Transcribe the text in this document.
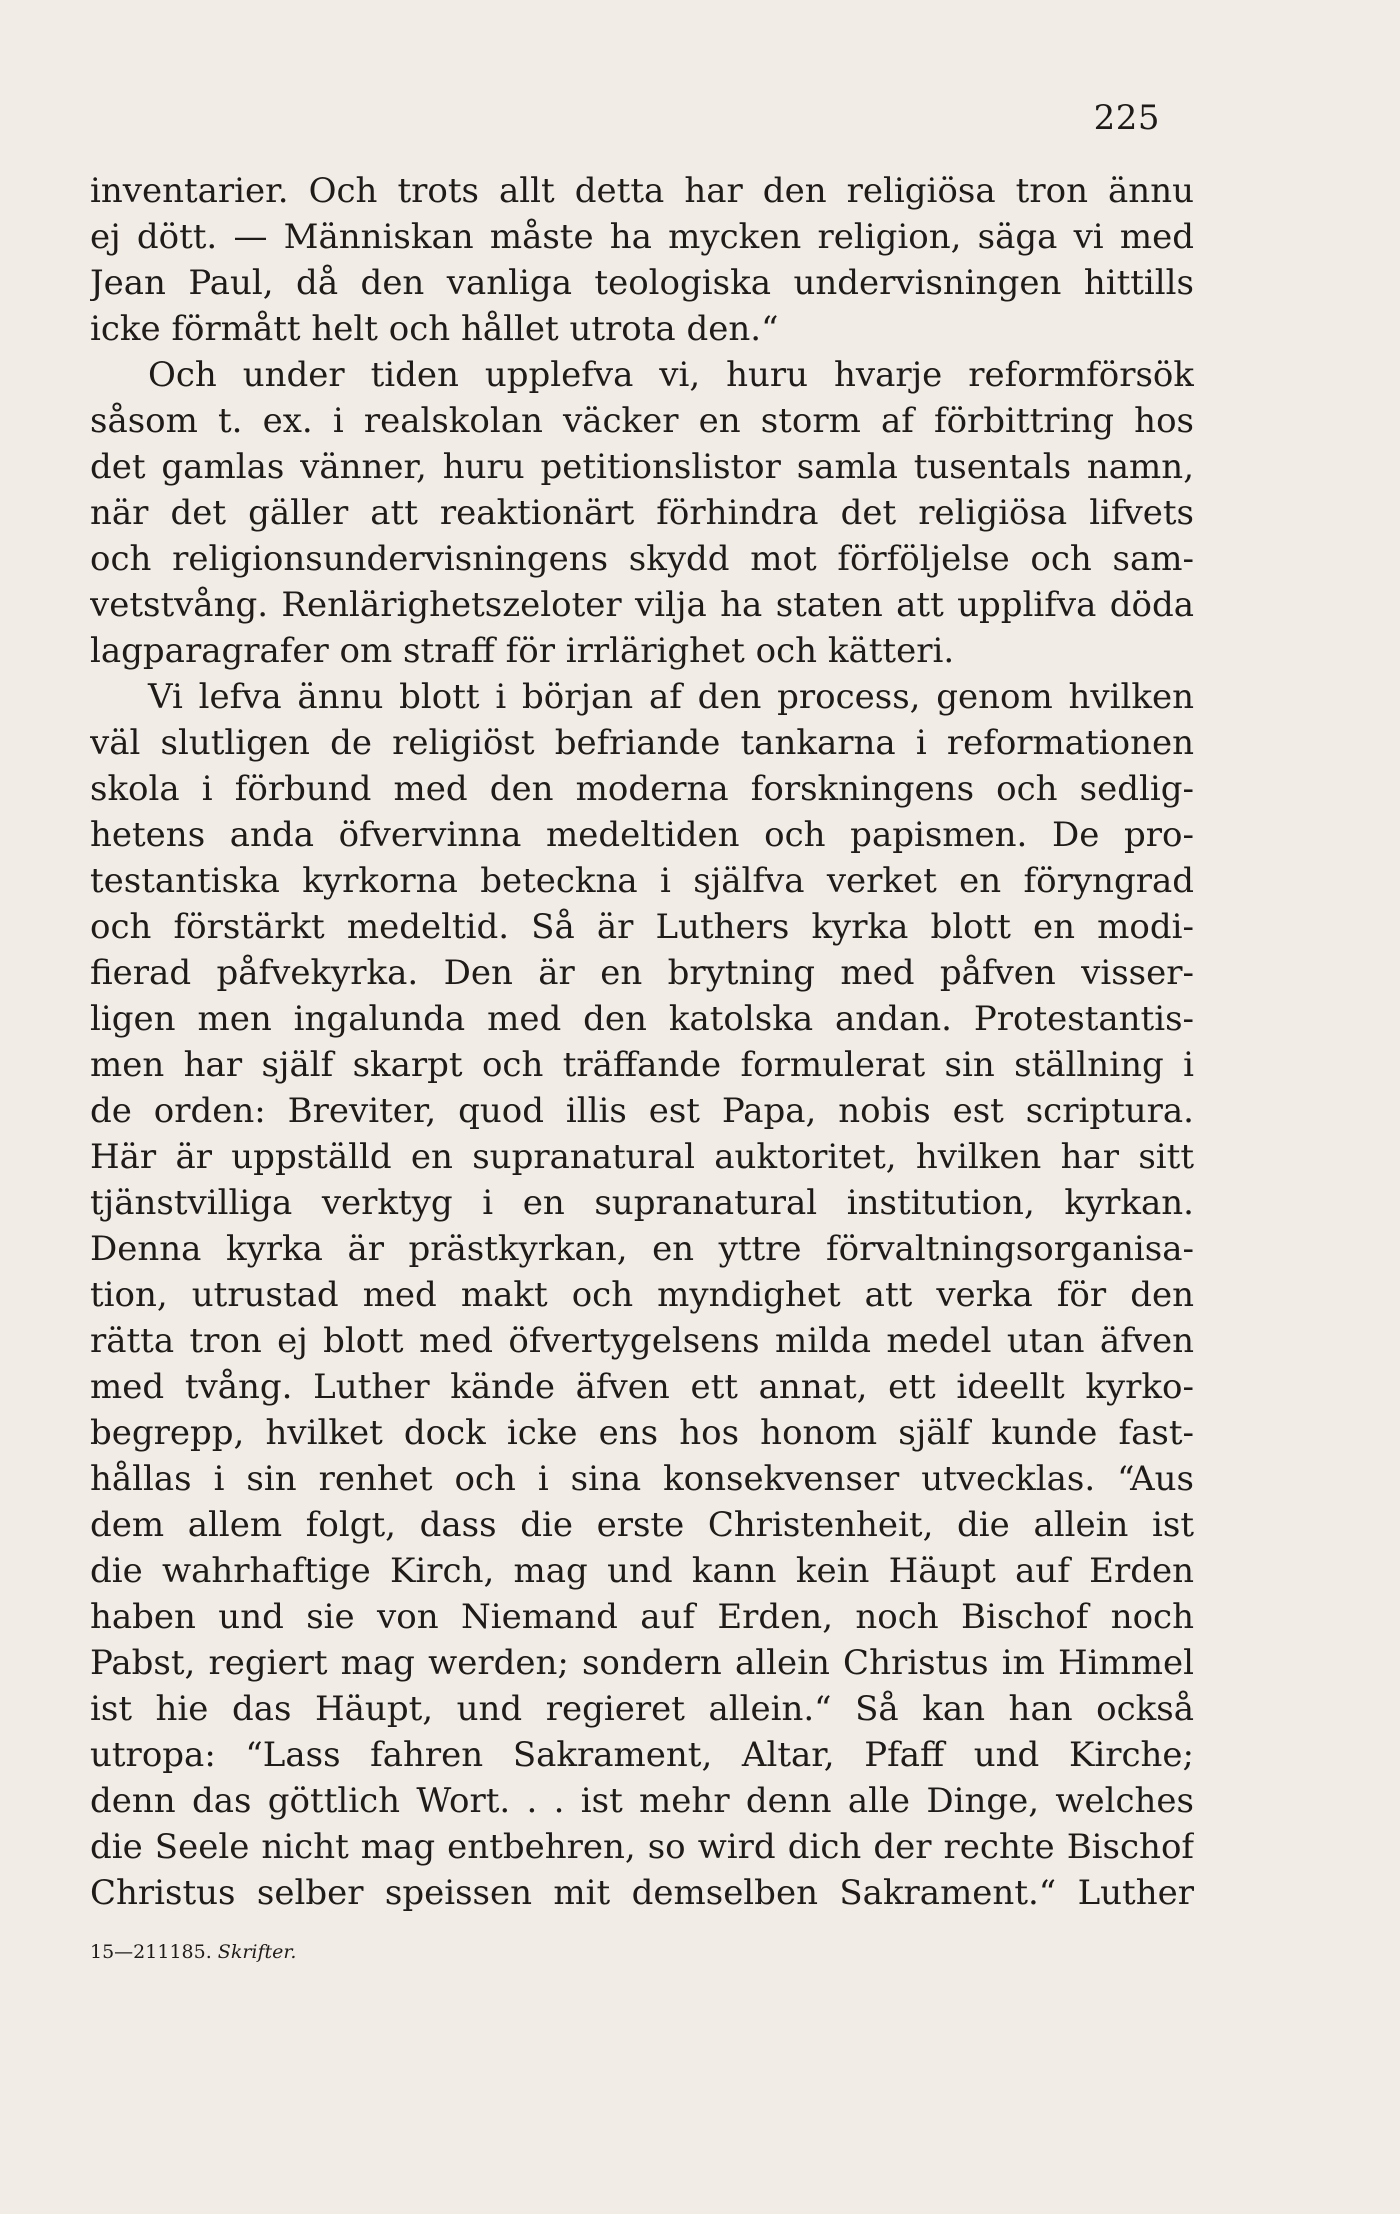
225
inventarier. Och trots allt detta har den religiösa tron ännu
ej dött. — Människan måste ha mycken religion, säga vi med
Jean Paul, då den vanliga teologiska undervisningen hittills
icke förmått helt och hållet utrota den.“
Och under tiden upplefva vi, huru hvarje reformförsök
såsom t. ex. i realskolan väcker en storm af förbittring hos
det gamlas vänner, huru petitionslistor samla tusentals namn,
när det gäller att reaktionärt förhindra det religiösa lifvets
och religionsundervisningens skydd mot förföljelse och sam-
vetstvång. Renlärighetszeloter vilja ha staten att upplifva döda
lagparagrafer om straff för irrlärighet och kätteri.
Vi lefva ännu blott i början af den process, genom hvilken
väl slutligen de religiöst befriande tankarna i reformationen
skola i förbund med den moderna forskningens och sedlig-
hetens anda öfvervinna medeltiden och papismen. De pro-
testantiska kyrkorna beteckna i själfva verket en föryngrad
och förstärkt medeltid. Så är Luthers kyrka blott en modi-
fierad påfvekyrka. Den är en brytning med påfven visser-
ligen men ingalunda med den katolska andan. Protestantis-
men har själf skarpt och träffande formulerat sin ställning i
de orden: Breviter, quod illis est Papa, nobis est scriptura.
Här är uppställd en supranatural auktoritet, hvilken har sitt
tjänstvilliga verktyg i en supranatural institution, kyrkan.
Denna kyrka är prästkyrkan, en yttre förvaltningsorganisa-
tion, utrustad med makt och myndighet att verka för den
rätta tron ej blott med öfvertygelsens milda medel utan äfven
med tvång. Luther kände äfven ett annat, ett ideellt kyrko-
begrepp, hvilket dock icke ens hos honom själf kunde fast-
hållas i sin renhet och i sina konsekvenser utvecklas. “Aus
dem allem folgt, dass die erste Christenheit, die allein ist
die wahrhaftige Kirch, mag und kann kein Häupt auf Erden
haben und sie von Niemand auf Erden, noch Bischof noch
Pabst, regiert mag werden; sondern allein Christus im Himmel
ist hie das Häupt, und regieret allein.“ Så kan han också
utropa: “Lass fahren Sakrament, Altar, Pfaff und Kirche;
denn das göttlich Wort. . . ist mehr denn alle Dinge, welches
die Seele nicht mag entbehren, so wird dich der rechte Bischof
Christus selber speissen mit demselben Sakrament.“ Luther
15—211185. Skrifter.
